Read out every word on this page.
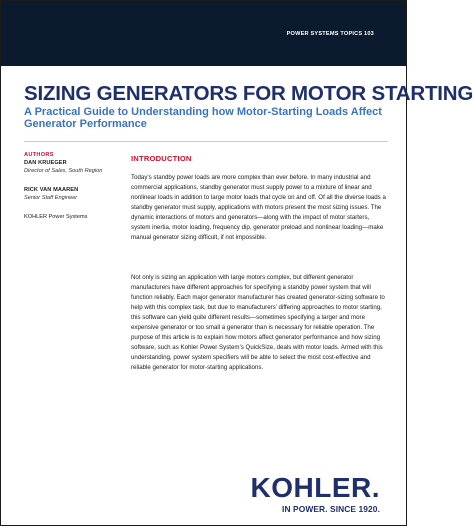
POWER SYSTEMS TOPICS 103
SIZING GENERATORS FOR MOTOR STARTING
A Practical Guide to Understanding how Motor-Starting Loads Affect Generator Performance
AUTHORS
DAN KRUEGER
Director of Sales, South Region
RICK VAN MAAREN
Senior Staff Engineer
KOHLER Power Systems
INTRODUCTION

Today’s standby power loads are more complex than ever before. In many industrial and commercial applications, standby generator must supply power to a mixture of linear and nonlinear loads in addition to large motor loads that cycle on and off. Of all the diverse loads a standby generator must supply, applications with motors present the most sizing issues. The dynamic interactions of motors and generators—along with the impact of motor starters, system inertia, motor loading, frequency dip, generator preload and nonlinear loading—make manual generator sizing difficult, if not impossible.

Not only is sizing an application with large motors complex, but different generator manufacturers have different approaches for specifying a standby power system that will function reliably. Each major generator manufacturer has created generator-sizing software to help with this complex task, but due to manufacturers’ differing approaches to motor starting, this software can yield quite different results—sometimes specifying a larger and more expensive generator or too small a generator than is necessary for reliable operation. The purpose of this article is to explain how motors affect generator performance and how sizing software, such as Kohler Power System’s QuickSize, deals with motor loads. Armed with this understanding, power system specifiers will be able to select the most cost-effective and reliable generator for motor-starting applications.

KOHLER.
IN POWER. SINCE 1920.
